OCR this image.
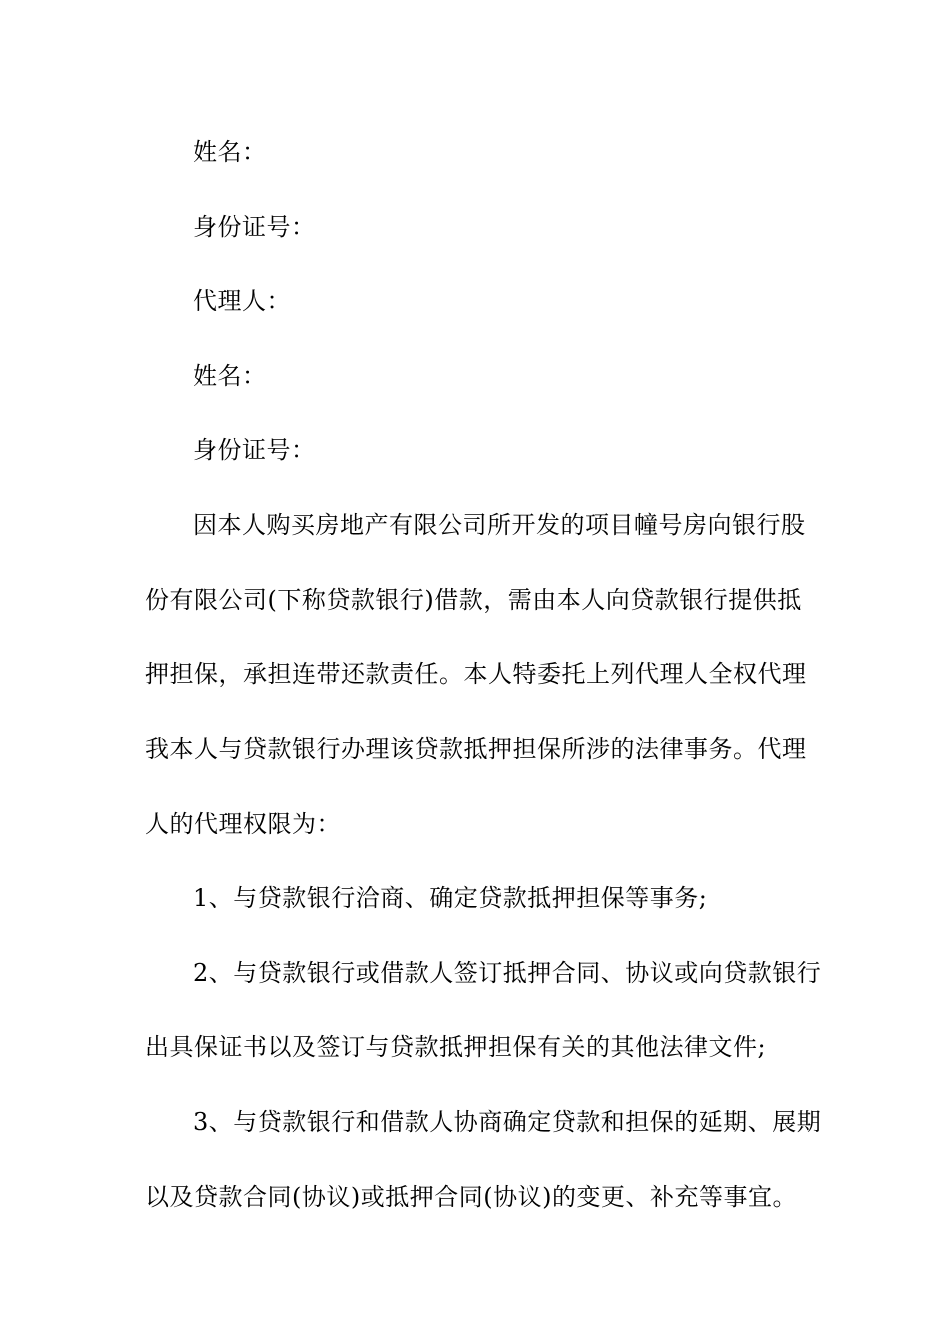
姓名：
身份证号：
代理人：
姓名：
身份证号：
因本人购买房地产有限公司所开发的项目幢号房向银行股
份有限公司(下称贷款银行)借款，需由本人向贷款银行提供抵
押担保，承担连带还款责任。本人特委托上列代理人全权代理
我本人与贷款银行办理该贷款抵押担保所涉的法律事务。代理
人的代理权限为：
1、与贷款银行洽商、确定贷款抵押担保等事务;
2、与贷款银行或借款人签订抵押合同、协议或向贷款银行
出具保证书以及签订与贷款抵押担保有关的其他法律文件;
3、与贷款银行和借款人协商确定贷款和担保的延期、展期
以及贷款合同(协议)或抵押合同(协议)的变更、补充等事宜。
